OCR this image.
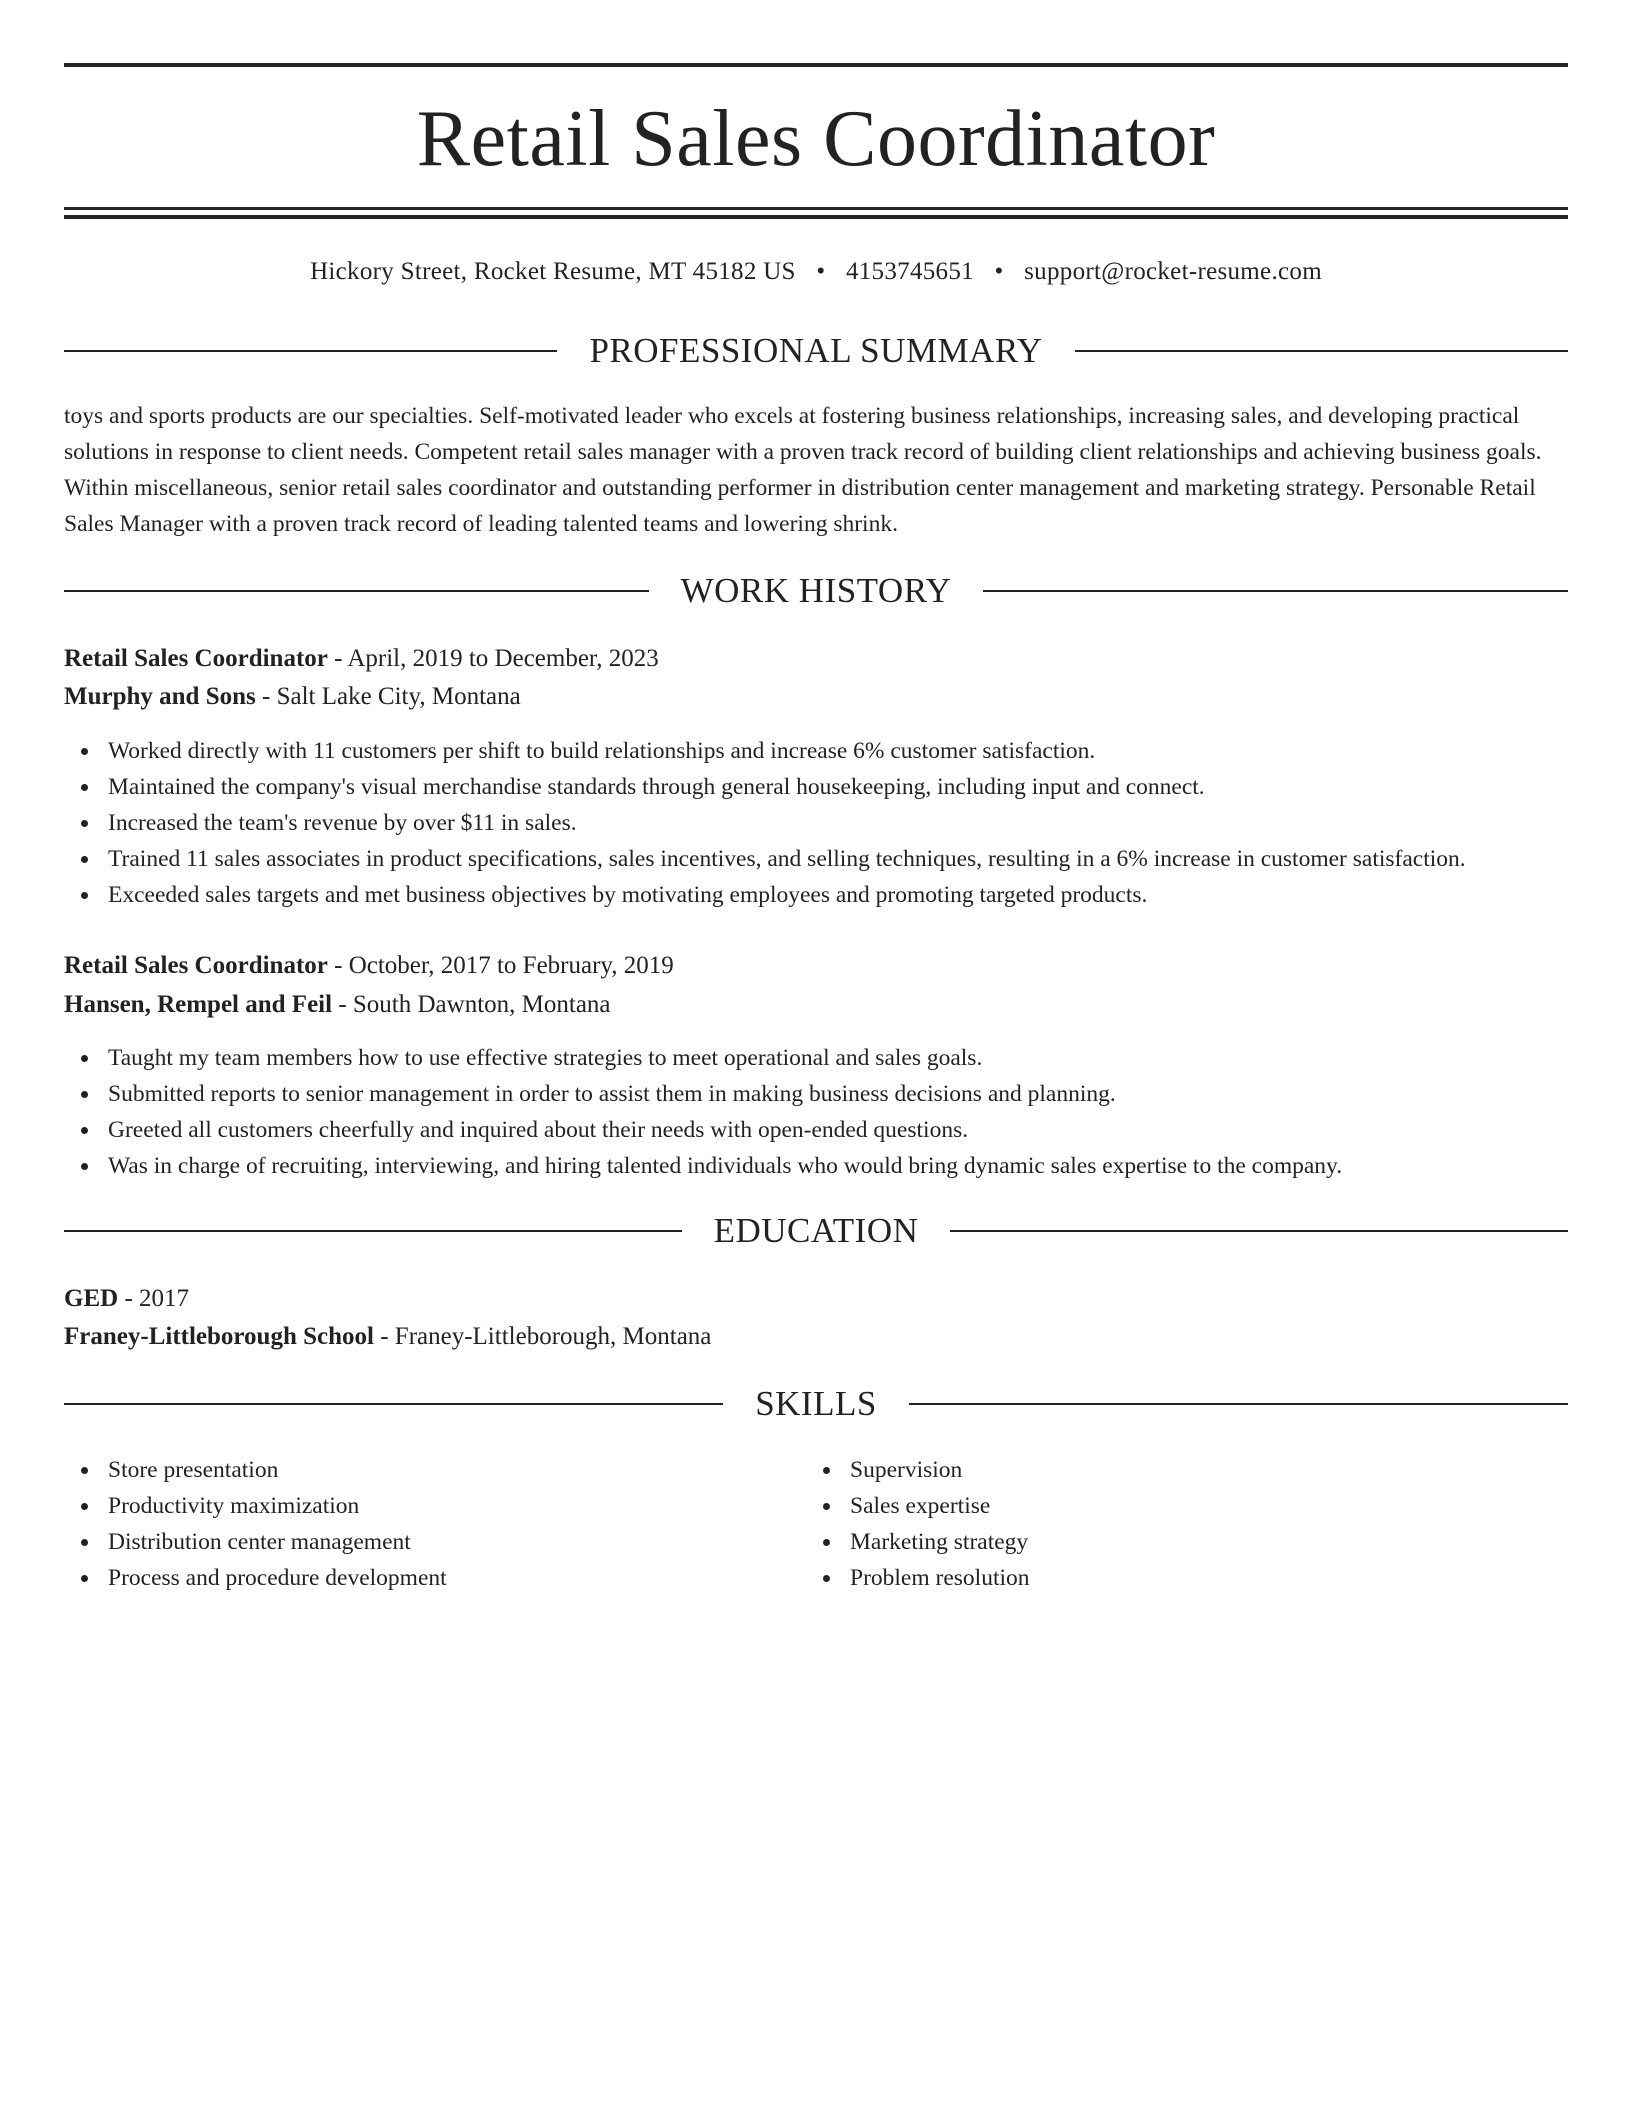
Retail Sales Coordinator
Hickory Street, Rocket Resume, MT 45182 US • 4153745651 • support@rocket-resume.com
PROFESSIONAL SUMMARY
toys and sports products are our specialties. Self-motivated leader who excels at fostering business relationships, increasing sales, and developing practical solutions in response to client needs. Competent retail sales manager with a proven track record of building client relationships and achieving business goals. Within miscellaneous, senior retail sales coordinator and outstanding performer in distribution center management and marketing strategy. Personable Retail Sales Manager with a proven track record of leading talented teams and lowering shrink.
WORK HISTORY
Retail Sales Coordinator - April, 2019 to December, 2023
Murphy and Sons - Salt Lake City, Montana
Worked directly with 11 customers per shift to build relationships and increase 6% customer satisfaction.
Maintained the company's visual merchandise standards through general housekeeping, including input and connect.
Increased the team's revenue by over $11 in sales.
Trained 11 sales associates in product specifications, sales incentives, and selling techniques, resulting in a 6% increase in customer satisfaction.
Exceeded sales targets and met business objectives by motivating employees and promoting targeted products.
Retail Sales Coordinator - October, 2017 to February, 2019
Hansen, Rempel and Feil - South Dawnton, Montana
Taught my team members how to use effective strategies to meet operational and sales goals.
Submitted reports to senior management in order to assist them in making business decisions and planning.
Greeted all customers cheerfully and inquired about their needs with open-ended questions.
Was in charge of recruiting, interviewing, and hiring talented individuals who would bring dynamic sales expertise to the company.
EDUCATION
GED - 2017
Franey-Littleborough School - Franey-Littleborough, Montana
SKILLS
Store presentation
Productivity maximization
Distribution center management
Process and procedure development
Supervision
Sales expertise
Marketing strategy
Problem resolution
